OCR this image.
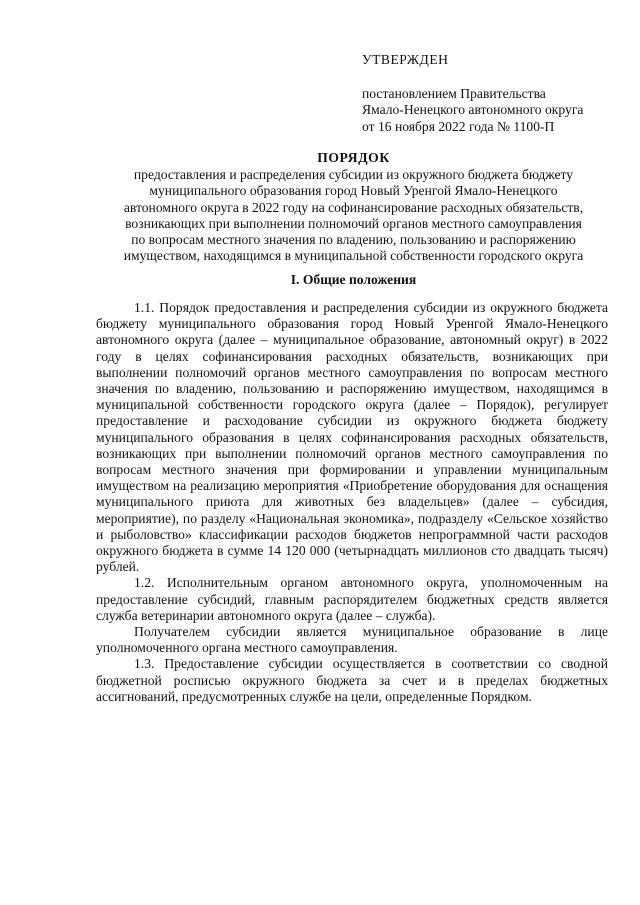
УТВЕРЖДЕН
постановлением Правительства
Ямало-Ненецкого автономного округа
от 16 ноября 2022 года № 1100-П
ПОРЯДОК
предоставления и распределения субсидии из окружного бюджета бюджету
муниципального образования город Новый Уренгой Ямало-Ненецкого
автономного округа в 2022 году на софинансирование расходных обязательств,
возникающих при выполнении полномочий органов местного самоуправления
по вопросам местного значения по владению, пользованию и распоряжению
имуществом, находящимся в муниципальной собственности городского округа
I. Общие положения

1.1. Порядок предоставления и распределения субсидии из окружного бюджета бюджету муниципального образования город Новый Уренгой Ямало-Ненецкого автономного округа (далее – муниципальное образование, автономный округ) в 2022 году в целях софинансирования расходных обязательств, возникающих при выполнении полномочий органов местного самоуправления по вопросам местного значения по владению, пользованию и распоряжению имуществом, находящимся в муниципальной собственности городского округа (далее – Порядок), регулирует предоставление и расходование субсидии из окружного бюджета бюджету муниципального образования в целях софинансирования расходных обязательств, возникающих при выполнении полномочий органов местного самоуправления по вопросам местного значения при формировании и управлении муниципальным имуществом на реализацию мероприятия «Приобретение оборудования для оснащения муниципального приюта для животных без владельцев» (далее – субсидия, мероприятие), по разделу «Национальная экономика», подразделу «Сельское хозяйство и рыболовство» классификации расходов бюджетов непрограммной части расходов окружного бюджета в сумме 14 120 000 (четырнадцать миллионов сто двадцать тысяч) рублей.

1.2. Исполнительным органом автономного округа, уполномоченным на предоставление субсидий, главным распорядителем бюджетных средств является служба ветеринарии автономного округа (далее – служба).

Получателем субсидии является муниципальное образование в лице уполномоченного органа местного самоуправления.

1.3. Предоставление субсидии осуществляется в соответствии со сводной бюджетной росписью окружного бюджета за счет и в пределах бюджетных ассигнований, предусмотренных службе на цели, определенные Порядком.
